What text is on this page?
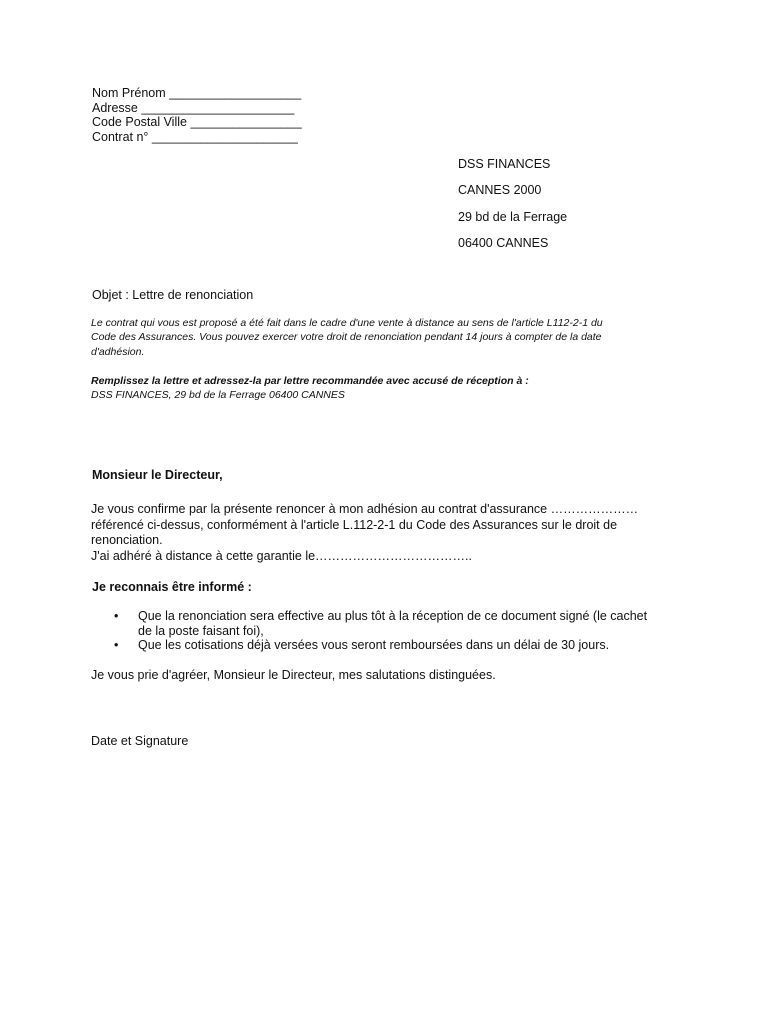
Nom Prénom ___________________
Adresse ______________________
Code Postal Ville ________________
Contrat n° _____________________
DSS FINANCES
CANNES 2000
29 bd de la Ferrage
06400 CANNES
Objet : Lettre de renonciation
Le contrat qui vous est proposé a été fait dans le cadre d'une vente à distance au sens de l'article L112-2-1 du
Code des Assurances. Vous pouvez exercer votre droit de renonciation pendant 14 jours à compter de la date
d'adhésion.
Remplissez la lettre et adressez-la par lettre recommandée avec accusé de réception à :
DSS FINANCES, 29 bd de la Ferrage 06400 CANNES
Monsieur le Directeur,
Je vous confirme par la présente renoncer à mon adhésion au contrat d'assurance …………………
référencé ci-dessus, conformément à l'article L.112-2-1 du Code des Assurances sur le droit de
renonciation.
J'ai adhéré à distance à cette garantie le………………………………..
Je reconnais être informé :
• Que la renonciation sera effective au plus tôt à la réception de ce document signé (le cachet
de la poste faisant foi),
• Que les cotisations déjà versées vous seront remboursées dans un délai de 30 jours.
Je vous prie d'agréer, Monsieur le Directeur, mes salutations distinguées.
Date et Signature
